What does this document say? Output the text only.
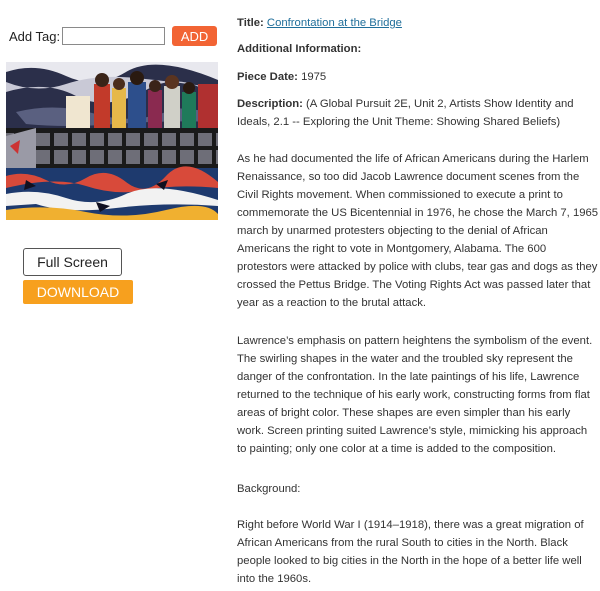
Add Tag:	ADD
Full Screen
DOWNLOAD

Title: Confrontation at the Bridge

Additional Information:

Piece Date: 1975

Description: (A Global Pursuit 2E, Unit 2, Artists Show Identity and Ideals, 2.1 -- Exploring the Unit Theme: Showing Shared Beliefs)

As he had documented the life of African Americans during the Harlem Renaissance, so too did Jacob Lawrence document scenes from the Civil Rights movement. When commissioned to execute a print to commemorate the US Bicentennial in 1976, he chose the March 7, 1965 march by unarmed protesters objecting to the denial of African Americans the right to vote in Montgomery, Alabama. The 600 protestors were attacked by police with clubs, tear gas and dogs as they crossed the Pettus Bridge. The Voting Rights Act was passed later that year as a reaction to the brutal attack.

Lawrence’s emphasis on pattern heightens the symbolism of the event. The swirling shapes in the water and the troubled sky represent the danger of the confrontation. In the late paintings of his life, Lawrence returned to the technique of his early work, constructing forms from flat areas of bright color. These shapes are even simpler than his early work. Screen printing suited Lawrence’s style, mimicking his approach to painting; only one color at a time is added to the composition.

Background:

Right before World War I (1914–1918), there was a great migration of African Americans from the rural South to cities in the North. Black people looked to big cities in the North in the hope of a better life well into the 1960s.
